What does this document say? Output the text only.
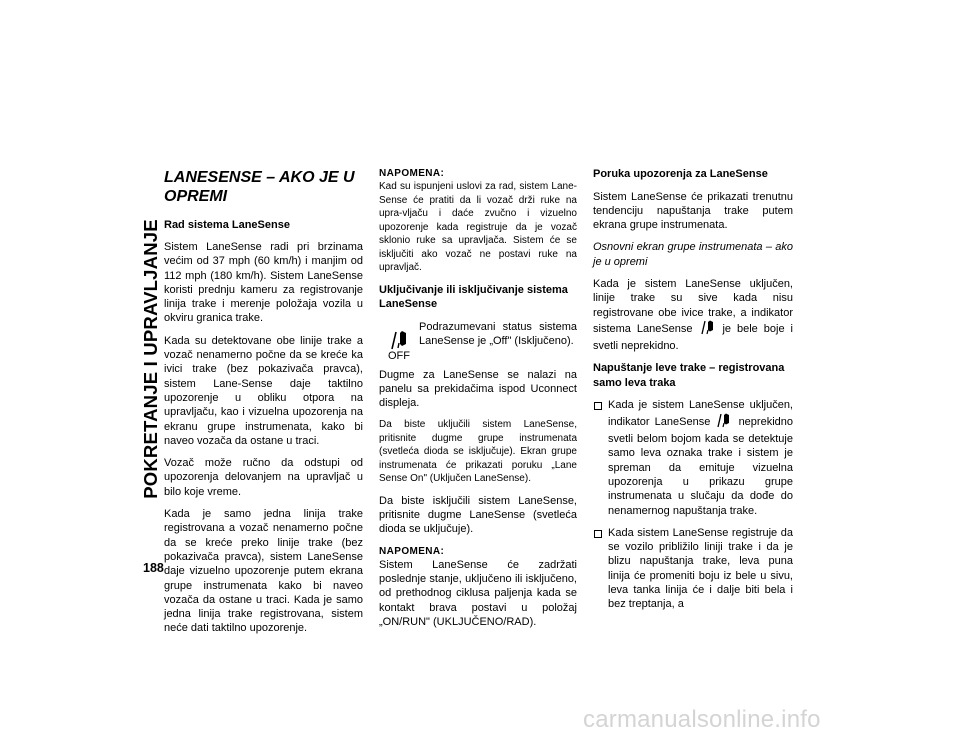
POKRETANJE I UPRAVLJANJE
188
LANESENSE – AKO JE U OPREMI
Rad sistema LaneSense

Sistem LaneSense radi pri brzinama većim od 37 mph (60 km/h) i manjim od 112 mph (180 km/h). Sistem LaneSense koristi prednju kameru za registrovanje linija trake i merenje položaja vozila u okviru granica trake.

Kada su detektovane obe linije trake a vozač nenamerno počne da se kreće ka ivici trake (bez pokazivača pravca), sistem Lane-Sense daje taktilno upozorenje u obliku otpora na upravljaču, kao i vizuelna upozorenja na ekranu grupe instrumenata, kako bi naveo vozača da ostane u traci.

Vozač može ručno da odstupi od upozorenja delovanjem na upravljač u bilo koje vreme.

Kada je samo jedna linija trake registrovana a vozač nenamerno počne da se kreće preko linije trake (bez pokazivača pravca), sistem LaneSense daje vizuelno upozorenje putem ekrana grupe instrumenata kako bi naveo vozača da ostane u traci. Kada je samo jedna linija trake registrovana, sistem neće dati taktilno upozorenje.

NAPOMENA:
Kad su ispunjeni uslovi za rad, sistem Lane-Sense će pratiti da li vozač drži ruke na upra-vljaču i daće zvučno i vizuelno upozorenje kada registruje da je vozač sklonio ruke sa upravljača. Sistem će se isključiti ako vozač ne postavi ruke na upravljač.
Uključivanje ili isključivanje sistema LaneSense
OFF
Podrazumevani status sistema LaneSense je „Off" (Isključeno).

Dugme za LaneSense se nalazi na panelu sa prekidačima ispod Uconnect displeja.

Da biste uključili sistem LaneSense, pritisnite dugme grupe instrumenata (svetleća dioda se isključuje). Ekran grupe instrumenata će prikazati poruku „Lane Sense On" (Uključen LaneSense).

Da biste isključili sistem LaneSense, pritisnite dugme LaneSense (svetleća dioda se uključuje).

NAPOMENA:
Sistem LaneSense će zadržati poslednje stanje, uključeno ili isključeno, od prethodnog ciklusa paljenja kada se kontakt brava postavi u položaj „ON/RUN" (UKLJUČENO/RAD).
Poruka upozorenja za LaneSense

Sistem LaneSense će prikazati trenutnu tendenciju napuštanja trake putem ekrana grupe instrumenata.

Osnovni ekran grupe instrumenata – ako je u opremi

Kada je sistem LaneSense uključen, linije trake su sive kada nisu registrovane obe ivice trake, a indikator sistema LaneSense	je bele boje i svetli neprekidno.

Napuštanje leve trake – registrovana samo leva traka
Kada je sistem LaneSense uključen, indikator LaneSense	neprekidno svetli belom bojom kada se detektuje samo leva oznaka trake i sistem je spreman da emituje vizuelna upozorenja u prikazu grupe instrumenata u slučaju da dođe do nenamernog napuštanja trake.
Kada sistem LaneSense registruje da se vozilo približilo liniji trake i da je blizu napuštanja trake, leva puna linija će promeniti boju iz bele u sivu, leva tanka linija će i dalje biti bela i bez treptanja, a
carmanualsonline.info
